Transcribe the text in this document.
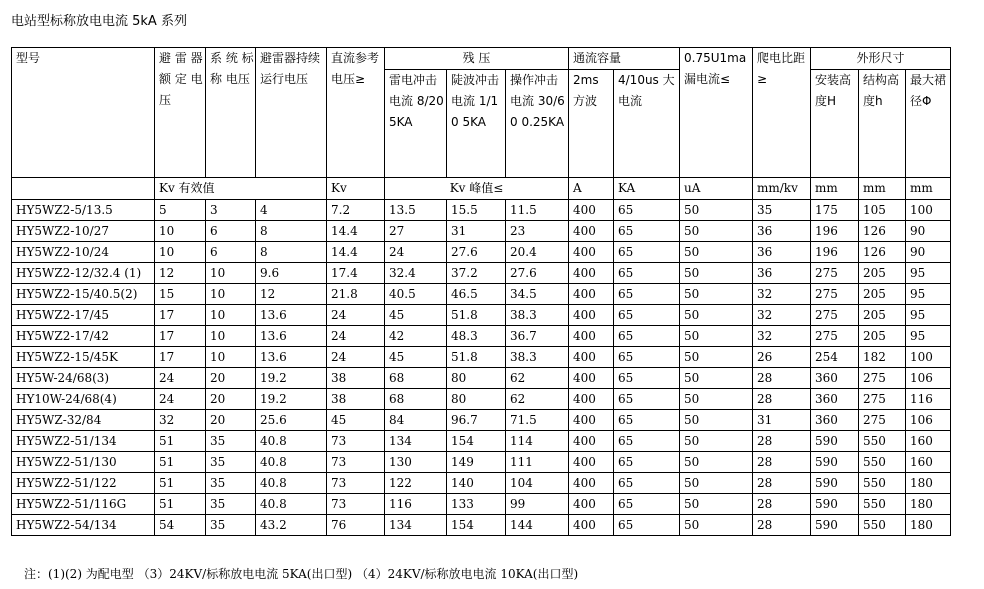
电站型标称放电电流 5kA 系列
型号	避 雷 器 额 定 电 压	系 统 标 称 电压	避雷器持续运行电压	直流参考电压≥	残 压			通流容量		0.75U1ma 漏电流≤	爬电比距≥	外形尺寸		
					雷电冲击电流 8/20 5KA	陡波冲击电流 1/10 5KA	操作冲击电流 30/60 0.25KA	2ms 方波	4/10us 大电流			安装高度H	结构高度h	最大裙径Φ
	Kv 有效值			Kv	Kv 峰值≤			A	KA	uA	mm/kv	mm	mm	mm
HY5WZ2-5/13.5	5	3	4	7.2	13.5	15.5	11.5	400	65	50	35	175	105	100
HY5WZ2-10/27	10	6	8	14.4	27	31	23	400	65	50	36	196	126	90
HY5WZ2-10/24	10	6	8	14.4	24	27.6	20.4	400	65	50	36	196	126	90
HY5WZ2-12/32.4 (1)	12	10	9.6	17.4	32.4	37.2	27.6	400	65	50	36	275	205	95
HY5WZ2-15/40.5(2)	15	10	12	21.8	40.5	46.5	34.5	400	65	50	32	275	205	95
HY5WZ2-17/45	17	10	13.6	24	45	51.8	38.3	400	65	50	32	275	205	95
HY5WZ2-17/42	17	10	13.6	24	42	48.3	36.7	400	65	50	32	275	205	95
HY5WZ2-15/45K	17	10	13.6	24	45	51.8	38.3	400	65	50	26	254	182	100
HY5W-24/68(3)	24	20	19.2	38	68	80	62	400	65	50	28	360	275	106
HY10W-24/68(4)	24	20	19.2	38	68	80	62	400	65	50	28	360	275	116
HY5WZ-32/84	32	20	25.6	45	84	96.7	71.5	400	65	50	31	360	275	106
HY5WZ2-51/134	51	35	40.8	73	134	154	114	400	65	50	28	590	550	160
HY5WZ2-51/130	51	35	40.8	73	130	149	111	400	65	50	28	590	550	160
HY5WZ2-51/122	51	35	40.8	73	122	140	104	400	65	50	28	590	550	180
HY5WZ2-51/116G	51	35	40.8	73	116	133	99	400	65	50	28	590	550	180
HY5WZ2-54/134	54	35	43.2	76	134	154	144	400	65	50	28	590	550	180
注：(1)(2) 为配电型 （3）24KV/标称放电电流 5KA(出口型) （4）24KV/标称放电电流 10KA(出口型)
